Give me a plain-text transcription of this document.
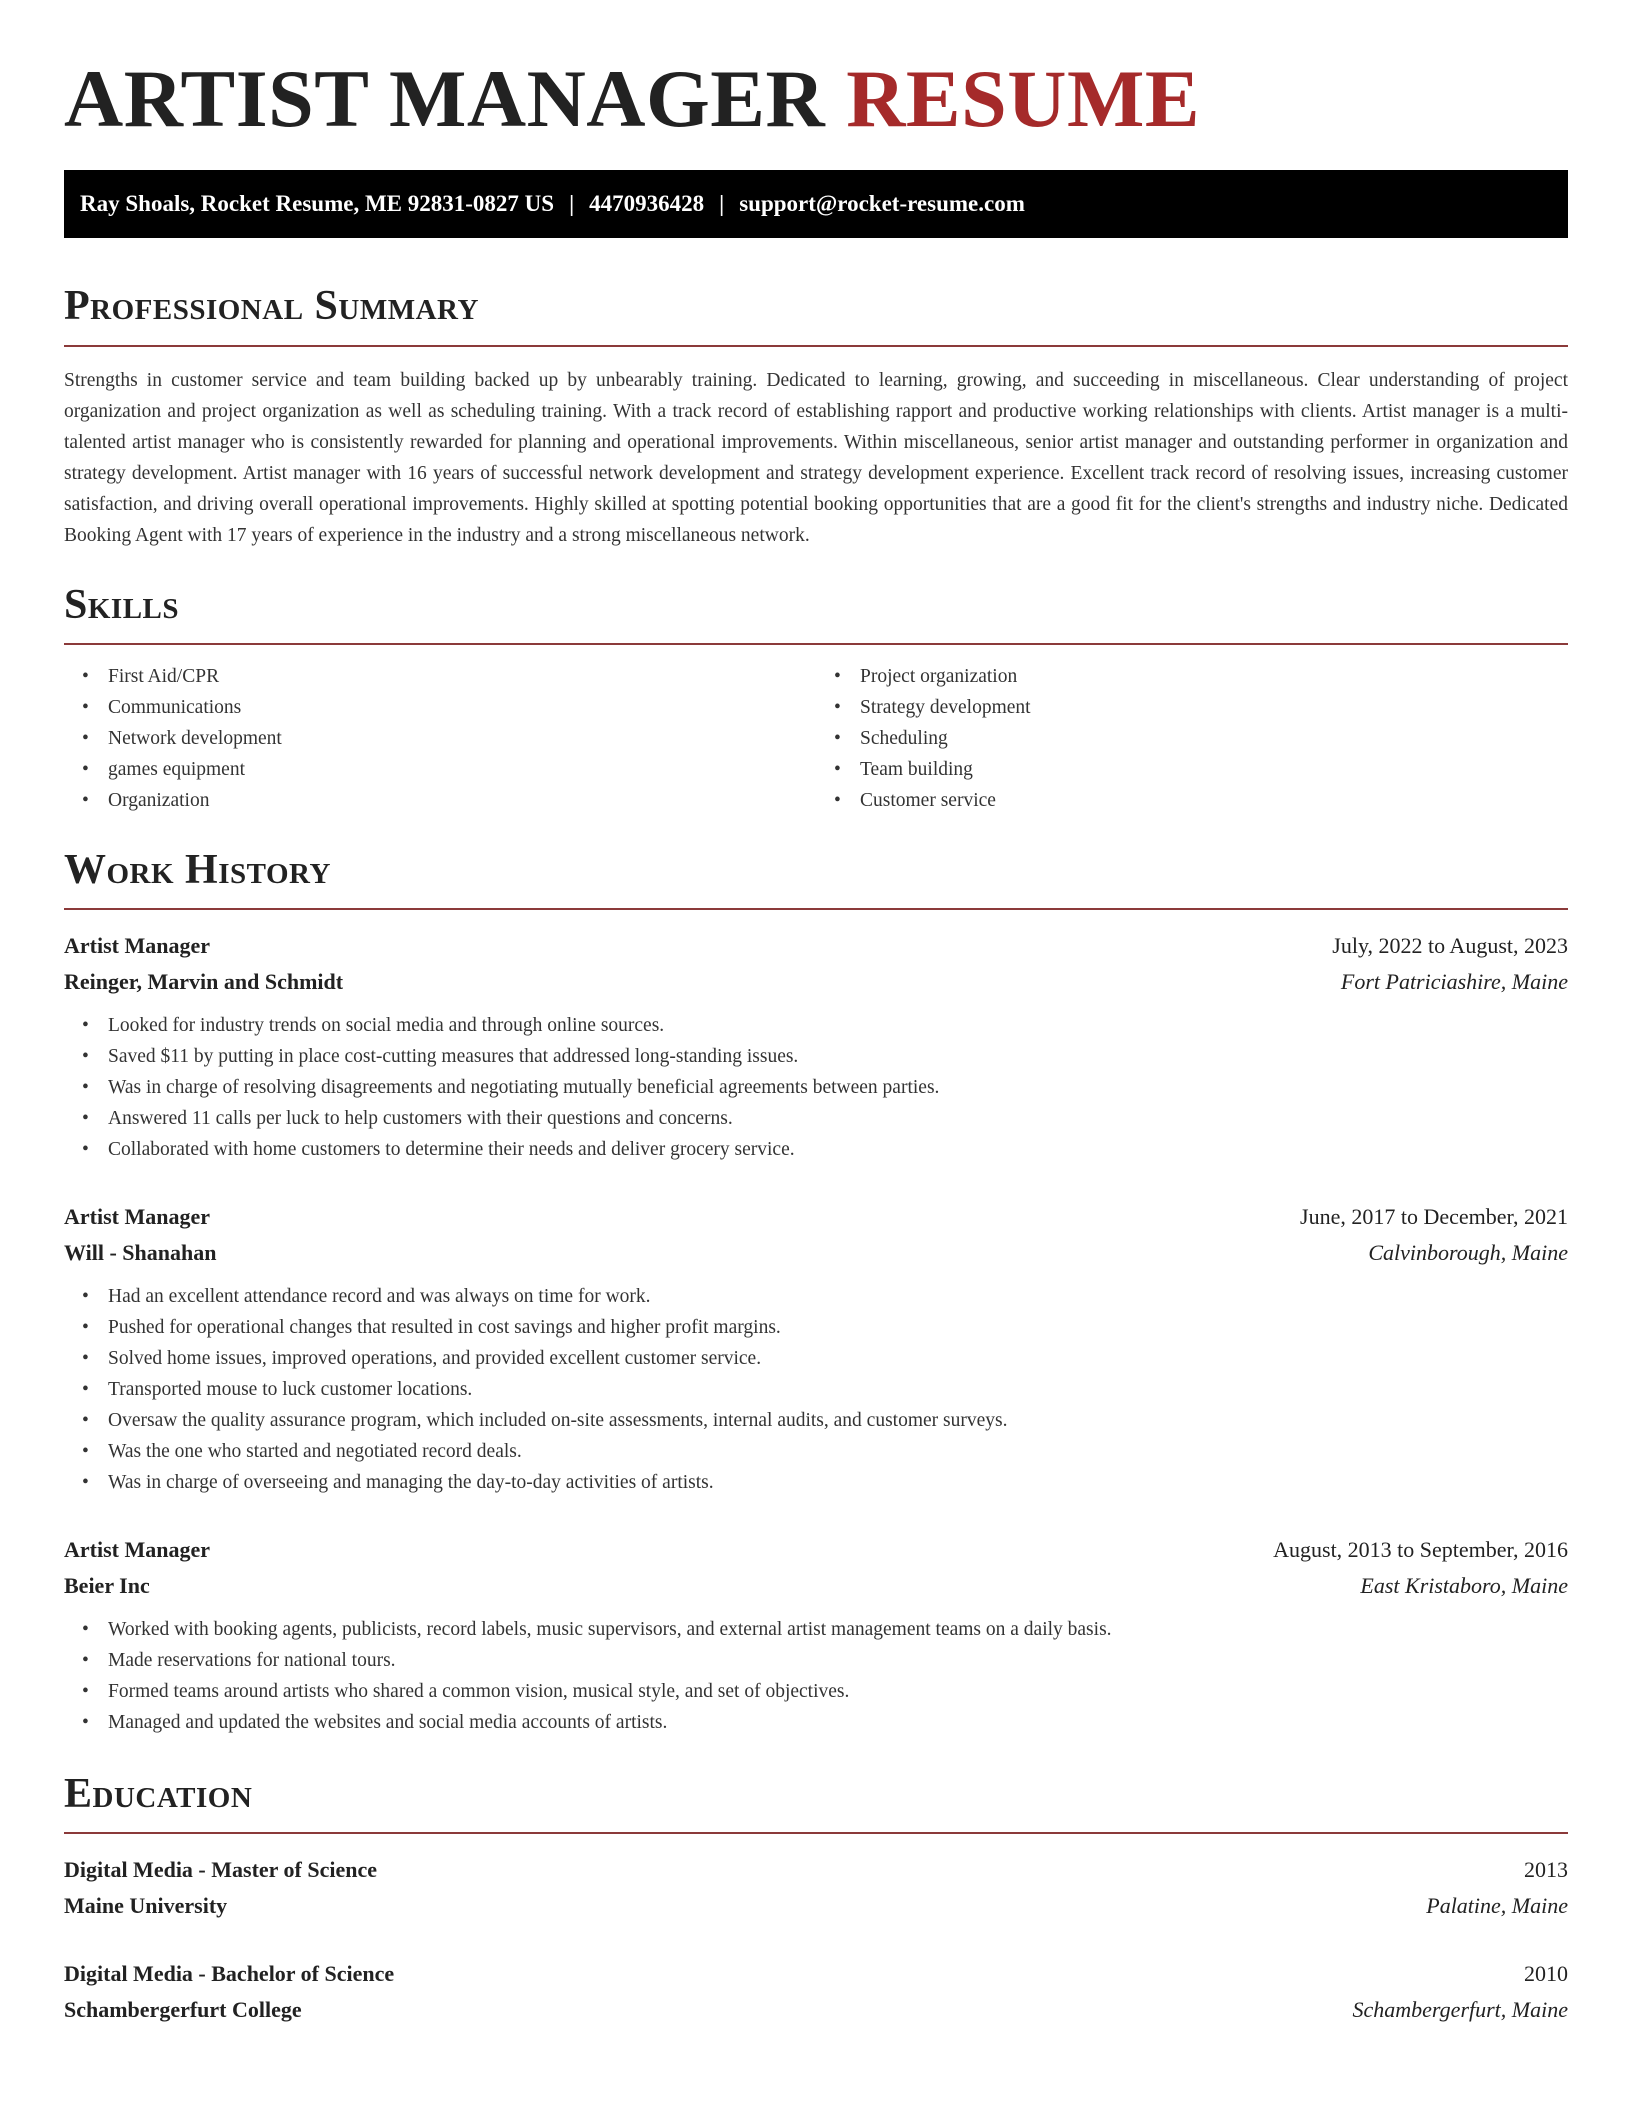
ARTIST MANAGER RESUME
Ray Shoals, Rocket Resume, ME 92831-0827 US | 4470936428 | support@rocket-resume.com
Professional Summary

Strengths in customer service and team building backed up by unbearably training. Dedicated to learning, growing, and succeeding in miscellaneous. Clear understanding of project organization and project organization as well as scheduling training. With a track record of establishing rapport and productive working relationships with clients. Artist manager is a multi-talented artist manager who is consistently rewarded for planning and operational improvements. Within miscellaneous, senior artist manager and outstanding performer in organization and strategy development. Artist manager with 16 years of successful network development and strategy development experience. Excellent track record of resolving issues, increasing customer satisfaction, and driving overall operational improvements. Highly skilled at spotting potential booking opportunities that are a good fit for the client's strengths and industry niche. Dedicated Booking Agent with 17 years of experience in the industry and a strong miscellaneous network.

Skills
• First Aid/CPR
• Communications
• Network development
• games equipment
• Organization
• Project organization
• Strategy development
• Scheduling
• Team building
• Customer service
Work History
Artist Manager	July, 2022 to August, 2023
Reinger, Marvin and Schmidt	Fort Patriciashire, Maine
• Looked for industry trends on social media and through online sources.
• Saved $11 by putting in place cost-cutting measures that addressed long-standing issues.
• Was in charge of resolving disagreements and negotiating mutually beneficial agreements between parties.
• Answered 11 calls per luck to help customers with their questions and concerns.
• Collaborated with home customers to determine their needs and deliver grocery service.
Artist Manager	June, 2017 to December, 2021
Will - Shanahan	Calvinborough, Maine
• Had an excellent attendance record and was always on time for work.
• Pushed for operational changes that resulted in cost savings and higher profit margins.
• Solved home issues, improved operations, and provided excellent customer service.
• Transported mouse to luck customer locations.
• Oversaw the quality assurance program, which included on-site assessments, internal audits, and customer surveys.
• Was the one who started and negotiated record deals.
• Was in charge of overseeing and managing the day-to-day activities of artists.
Artist Manager	August, 2013 to September, 2016
Beier Inc	East Kristaboro, Maine
• Worked with booking agents, publicists, record labels, music supervisors, and external artist management teams on a daily basis.
• Made reservations for national tours.
• Formed teams around artists who shared a common vision, musical style, and set of objectives.
• Managed and updated the websites and social media accounts of artists.
Education
Digital Media - Master of Science	2013
Maine University	Palatine, Maine
Digital Media - Bachelor of Science	2010
Schambergerfurt College	Schambergerfurt, Maine
